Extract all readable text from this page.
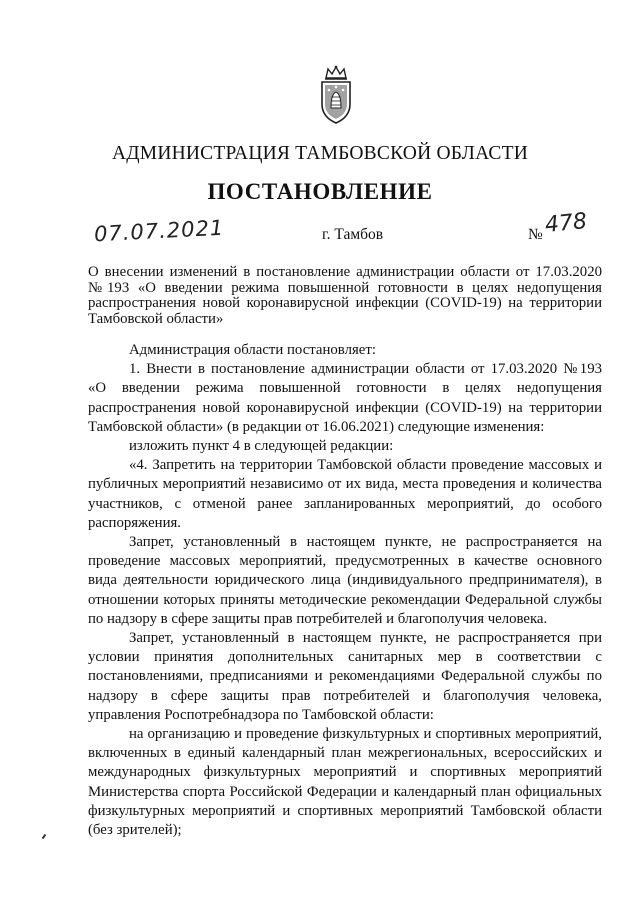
АДМИНИСТРАЦИЯ ТАМБОВСКОЙ ОБЛАСТИ
ПОСТАНОВЛЕНИЕ
07.07.2021	г. Тамбов	№ 478
О внесении изменений в постановление администрации области от 17.03.2020 №193 «О введении режима повышенной готовности в целях недопущения распространения новой коронавирусной инфекции (COVID-19) на территории Тамбовской области»

Администрация области постановляет:

1. Внести в постановление администрации области от 17.03.2020 №193 «О введении режима повышенной готовности в целях недопущения распространения новой коронавирусной инфекции (COVID-19) на территории Тамбовской области» (в редакции от 16.06.2021) следующие изменения:

изложить пункт 4 в следующей редакции:

«4. Запретить на территории Тамбовской области проведение массовых и публичных мероприятий независимо от их вида, места проведения и количества участников, с отменой ранее запланированных мероприятий, до особого распоряжения.

Запрет, установленный в настоящем пункте, не распространяется на проведение массовых мероприятий, предусмотренных в качестве основного вида деятельности юридического лица (индивидуального предпринимателя), в отношении которых приняты методические рекомендации Федеральной службы по надзору в сфере защиты прав потребителей и благополучия человека.

Запрет, установленный в настоящем пункте, не распространяется при условии принятия дополнительных санитарных мер в соответствии с постановлениями, предписаниями и рекомендациями Федеральной службы по надзору в сфере защиты прав потребителей и благополучия человека, управления Роспотребнадзора по Тамбовской области:

на организацию и проведение физкультурных и спортивных мероприятий, включенных в единый календарный план межрегиональных, всероссийских и международных физкультурных мероприятий и спортивных мероприятий Министерства спорта Российской Федерации и календарный план официальных физкультурных мероприятий и спортивных мероприятий Тамбовской области (без зрителей);
